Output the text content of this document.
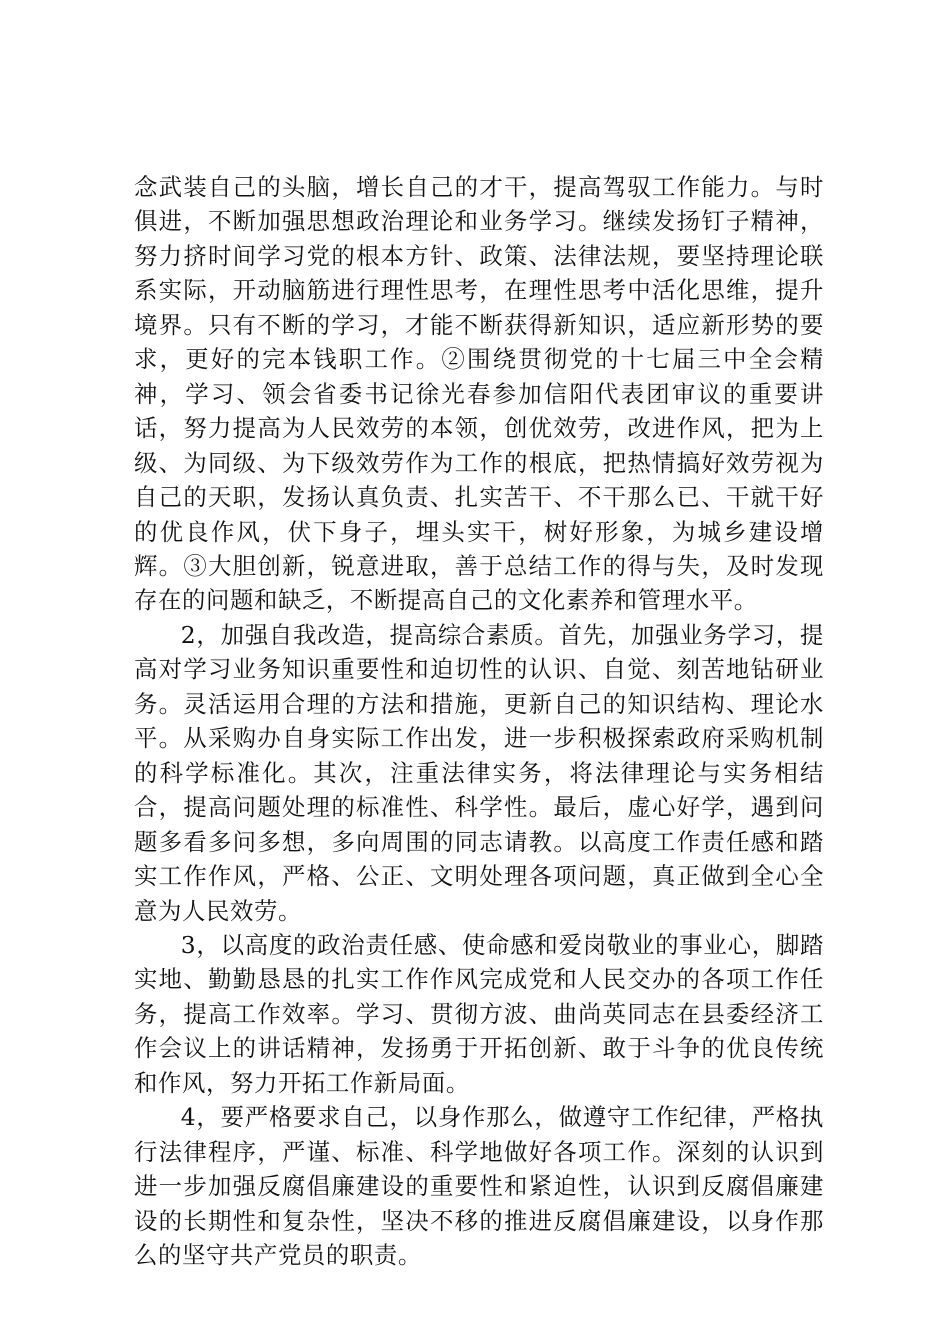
念武装自己的头脑，增长自己的才干，提高驾驭工作能力。与时俱进，不断加强思想政治理论和业务学习。继续发扬钉子精神，努力挤时间学习党的根本方针、政策、法律法规，要坚持理论联系实际，开动脑筋进行理性思考，在理性思考中活化思维，提升境界。只有不断的学习，才能不断获得新知识，适应新形势的要求，更好的完本钱职工作。②围绕贯彻党的十七届三中全会精神，学习、领会省委书记徐光春参加信阳代表团审议的重要讲话，努力提高为人民效劳的本领，创优效劳，改进作风，把为上级、为同级、为下级效劳作为工作的根底，把热情搞好效劳视为自己的天职，发扬认真负责、扎实苦干、不干那么已、干就干好的优良作风，伏下身子，埋头实干，树好形象，为城乡建设增辉。③大胆创新，锐意进取，善于总结工作的得与失，及时发现存在的问题和缺乏，不断提高自己的文化素养和管理水平。

2，加强自我改造，提高综合素质。首先，加强业务学习，提高对学习业务知识重要性和迫切性的认识、自觉、刻苦地钻研业务。灵活运用合理的方法和措施，更新自己的知识结构、理论水平。从采购办自身实际工作出发，进一步积极探索政府采购机制的科学标准化。其次，注重法律实务，将法律理论与实务相结合，提高问题处理的标准性、科学性。最后，虚心好学，遇到问题多看多问多想，多向周围的同志请教。以高度工作责任感和踏实工作作风，严格、公正、文明处理各项问题，真正做到全心全意为人民效劳。

3，以高度的政治责任感、使命感和爱岗敬业的事业心，脚踏实地、勤勤恳恳的扎实工作作风完成党和人民交办的各项工作任务，提高工作效率。学习、贯彻方波、曲尚英同志在县委经济工作会议上的讲话精神，发扬勇于开拓创新、敢于斗争的优良传统和作风，努力开拓工作新局面。

4，要严格要求自己，以身作那么，做遵守工作纪律，严格执行法律程序，严谨、标准、科学地做好各项工作。深刻的认识到进一步加强反腐倡廉建设的重要性和紧迫性，认识到反腐倡廉建设的长期性和复杂性，坚决不移的推进反腐倡廉建设，以身作那么的坚守共产党员的职责。
